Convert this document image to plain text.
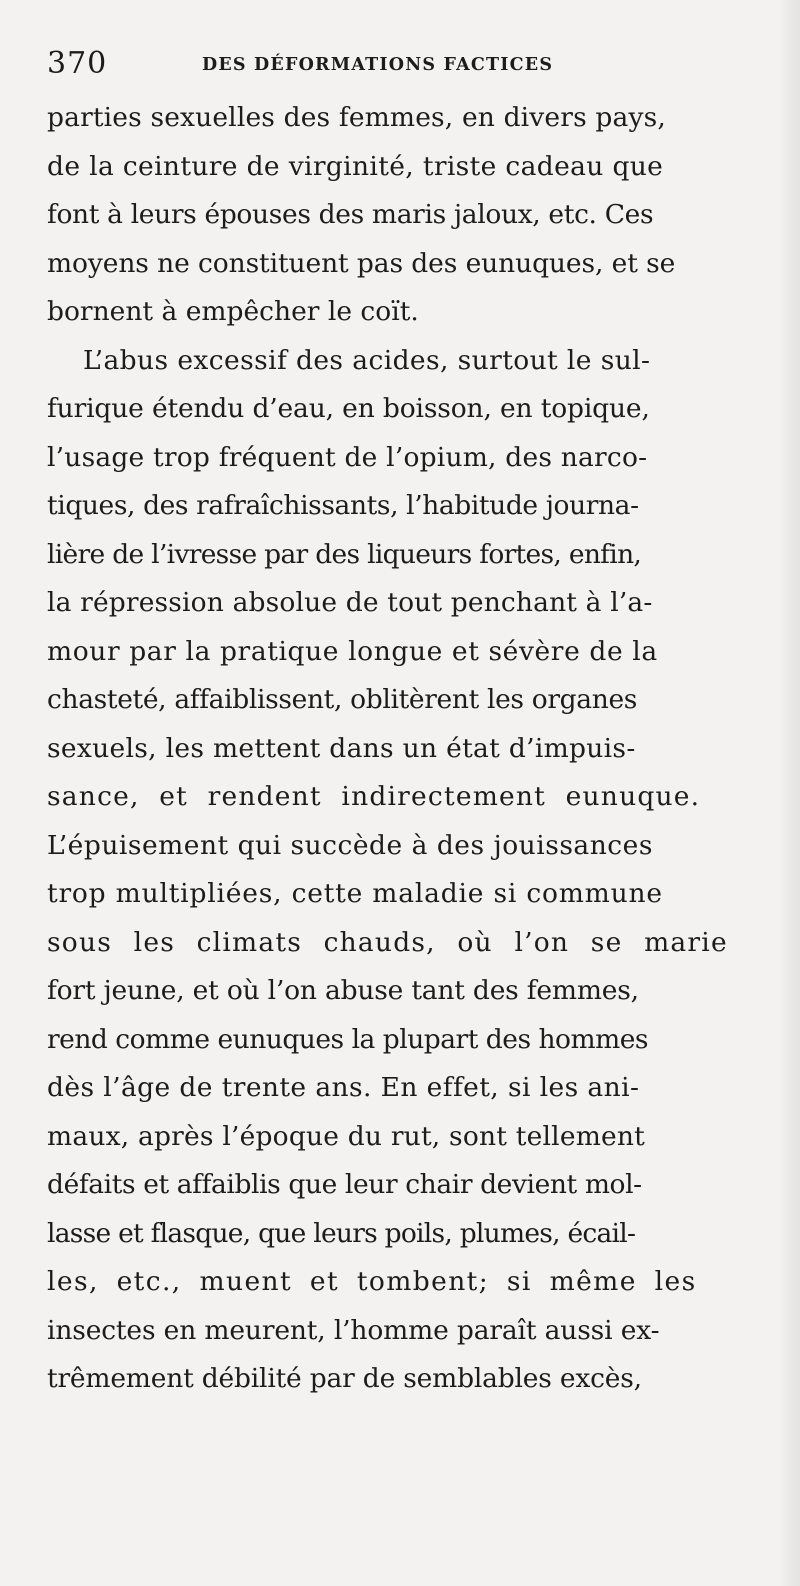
370	DES DÉFORMATIONS FACTICES
parties sexuelles des femmes, en divers pays,
de la ceinture de virginité, triste cadeau que
font à leurs épouses des maris jaloux, etc. Ces
moyens ne constituent pas des eunuques, et se
bornent à empêcher le coït.
L’abus excessif des acides, surtout le sul-
furique étendu d’eau, en boisson, en topique,
l’usage trop fréquent de l’opium, des narco-
tiques, des rafraîchissants, l’habitude journa-
lière de l’ivresse par des liqueurs fortes, enfin,
la répression absolue de tout penchant à l’a-
mour par la pratique longue et sévère de la
chasteté, affaiblissent, oblitèrent les organes
sexuels, les mettent dans un état d’impuis-
sance, et rendent indirectement eunuque.
L’épuisement qui succède à des jouissances
trop multipliées, cette maladie si commune
sous les climats chauds, où l’on se marie
fort jeune, et où l’on abuse tant des femmes,
rend comme eunuques la plupart des hommes
dès l’âge de trente ans. En effet, si les ani-
maux, après l’époque du rut, sont tellement
défaits et affaiblis que leur chair devient mol-
lasse et flasque, que leurs poils, plumes, écail-
les, etc., muent et tombent; si même les
insectes en meurent, l’homme paraît aussi ex-
trêmement débilité par de semblables excès,
